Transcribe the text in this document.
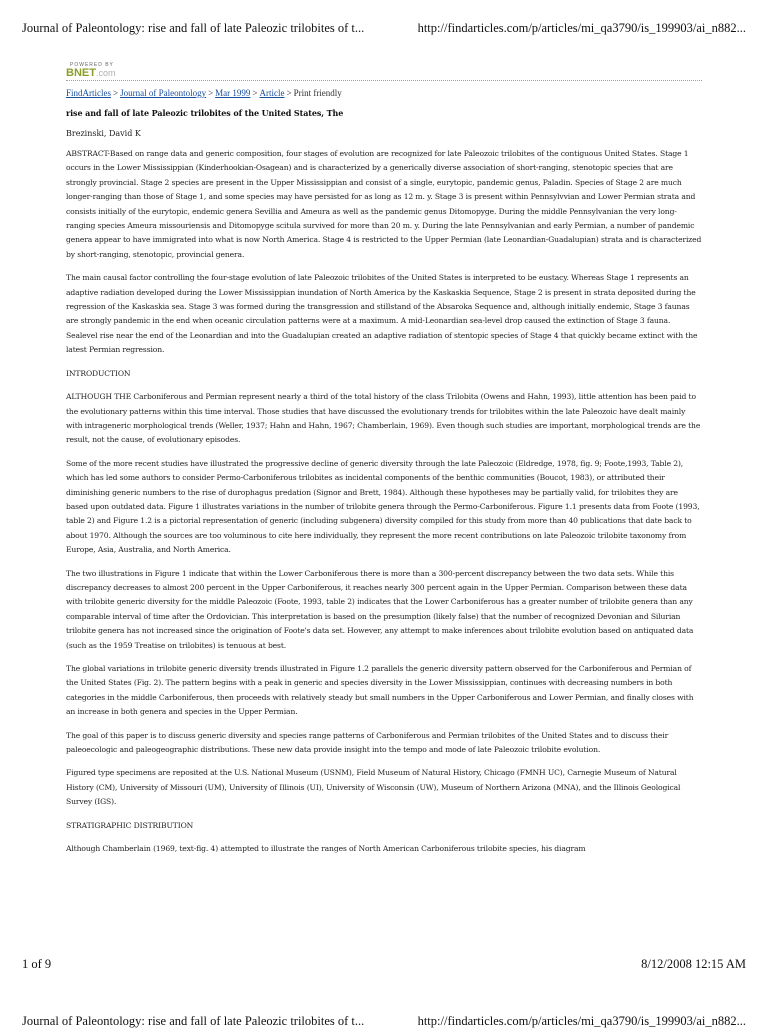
Journal of Paleontology: rise and fall of late Paleozic trilobites of t...	http://findarticles.com/p/articles/mi_qa3790/is_199903/ai_n882...
POWERED BY
BNET.com
FindArticles > Journal of Paleontology > Mar 1999 > Article > Print friendly
rise and fall of late Paleozic trilobites of the United States, The
Brezinski, David K

ABSTRACT-Based on range data and generic composition, four stages of evolution are recognized for late Paleozoic trilobites of the contiguous United States. Stage 1 occurs in the Lower Mississippian (Kinderhookian-Osagean) and is characterized by a generically diverse association of short-ranging, stenotopic species that are strongly provincial. Stage 2 species are present in the Upper Mississippian and consist of a single, eurytopic, pandemic genus, Paladin. Species of Stage 2 are much longer-ranging than those of Stage 1, and some species may have persisted for as long as 12 m. y. Stage 3 is present within Pennsylvvian and Lower Permian strata and consists initially of the eurytopic, endemic genera Sevillia and Ameura as well as the pandemic genus Ditomopyge. During the middle Pennsylvanian the very long-ranging species Ameura missouriensis and Ditomopyge scitula survived for more than 20 m. y. During the late Pennsylvanian and early Permian, a number of pandemic genera appear to have immigrated into what is now North America. Stage 4 is restricted to the Upper Permian (late Leonardian-Guadalupian) strata and is characterized by short-ranging, stenotopic, provincial genera.

The main causal factor controlling the four-stage evolution of late Paleozoic trilobites of the United States is interpreted to be eustacy. Whereas Stage 1 represents an adaptive radiation developed during the Lower Mississippian inundation of North America by the Kaskaskia Sequence, Stage 2 is present in strata deposited during the regression of the Kaskaskia sea. Stage 3 was formed during the transgression and stillstand of the Absaroka Sequence and, although initially endemic, Stage 3 faunas are strongly pandemic in the end when oceanic circulation patterns were at a maximum. A mid-Leonardian sea-level drop caused the extinction of Stage 3 fauna. Sealevel rise near the end of the Leonardian and into the Guadalupian created an adaptive radiation of stentopic species of Stage 4 that quickly became extinct with the latest Permian regression.

INTRODUCTION

ALTHOUGH THE Carboniferous and Permian represent nearly a third of the total history of the class Trilobita (Owens and Hahn, 1993), little attention has been paid to the evolutionary patterns within this time interval. Those studies that have discussed the evolutionary trends for trilobites within the late Paleozoic have dealt mainly with intrageneric morphological trends (Weller, 1937; Hahn and Hahn, 1967; Chamberlain, 1969). Even though such studies are important, morphological trends are the result, not the cause, of evolutionary episodes.

Some of the more recent studies have illustrated the progressive decline of generic diversity through the late Paleozoic (Eldredge, 1978, fig. 9; Foote,1993, Table 2), which has led some authors to consider Permo-Carboniferous trilobites as incidental components of the benthic communities (Boucot, 1983), or attributed their diminishing generic numbers to the rise of durophagus predation (Signor and Brett, 1984). Although these hypotheses may be partially valid, for trilobites they are based upon outdated data. Figure 1 illustrates variations in the number of trilobite genera through the Permo-Carboniferous. Figure 1.1 presents data from Foote (1993, table 2) and Figure 1.2 is a pictorial representation of generic (including subgenera) diversity compiled for this study from more than 40 publications that date back to about 1970. Although the sources are too voluminous to cite here individually, they represent the more recent contributions on late Paleozoic trilobite taxonomy from Europe, Asia, Australia, and North America.

The two illustrations in Figure 1 indicate that within the Lower Carboniferous there is more than a 300-percent discrepancy between the two data sets. While this discrepancy decreases to almost 200 percent in the Upper Carboniferous, it reaches nearly 300 percent again in the Upper Permian. Comparison between these data with trilobite generic diversity for the middle Paleozoic (Foote, 1993, table 2) indicates that the Lower Carboniferous has a greater number of trilobite genera than any comparable interval of time after the Ordovician. This interpretation is based on the presumption (likely false) that the number of recognized Devonian and Silurian trilobite genera has not increased since the origination of Foote's data set. However, any attempt to make inferences about trilobite evolution based on antiquated data (such as the 1959 Treatise on trilobites) is tenuous at best.

The global variations in trilobite generic diversity trends illustrated in Figure 1.2 parallels the generic diversity pattern observed for the Carboniferous and Permian of the United States (Fig. 2). The pattern begins with a peak in generic and species diversity in the Lower Mississippian, continues with decreasing numbers in both categories in the middle Carboniferous, then proceeds with relatively steady but small numbers in the Upper Carboniferous and Lower Permian, and finally closes with an increase in both genera and species in the Upper Permian.

The goal of this paper is to discuss generic diversity and species range patterns of Carboniferous and Permian trilobites of the United States and to discuss their paleoecologic and paleogeographic distributions. These new data provide insight into the tempo and mode of late Paleozoic trilobite evolution.

Figured type specimens are reposited at the U.S. National Museum (USNM), Field Museum of Natural History, Chicago (FMNH UC), Carnegie Museum of Natural History (CM), University of Missouri (UM), University of Illinois (UI), University of Wisconsin (UW), Museum of Northern Arizona (MNA), and the Illinois Geological Survey (IGS).

STRATIGRAPHIC DISTRIBUTION

Although Chamberlain (1969, text-fig. 4) attempted to illustrate the ranges of North American Carboniferous trilobite species, his diagram

1 of 9	8/12/2008 12:15 AM
Journal of Paleontology: rise and fall of late Paleozic trilobites of t...	http://findarticles.com/p/articles/mi_qa3790/is_199903/ai_n882...
